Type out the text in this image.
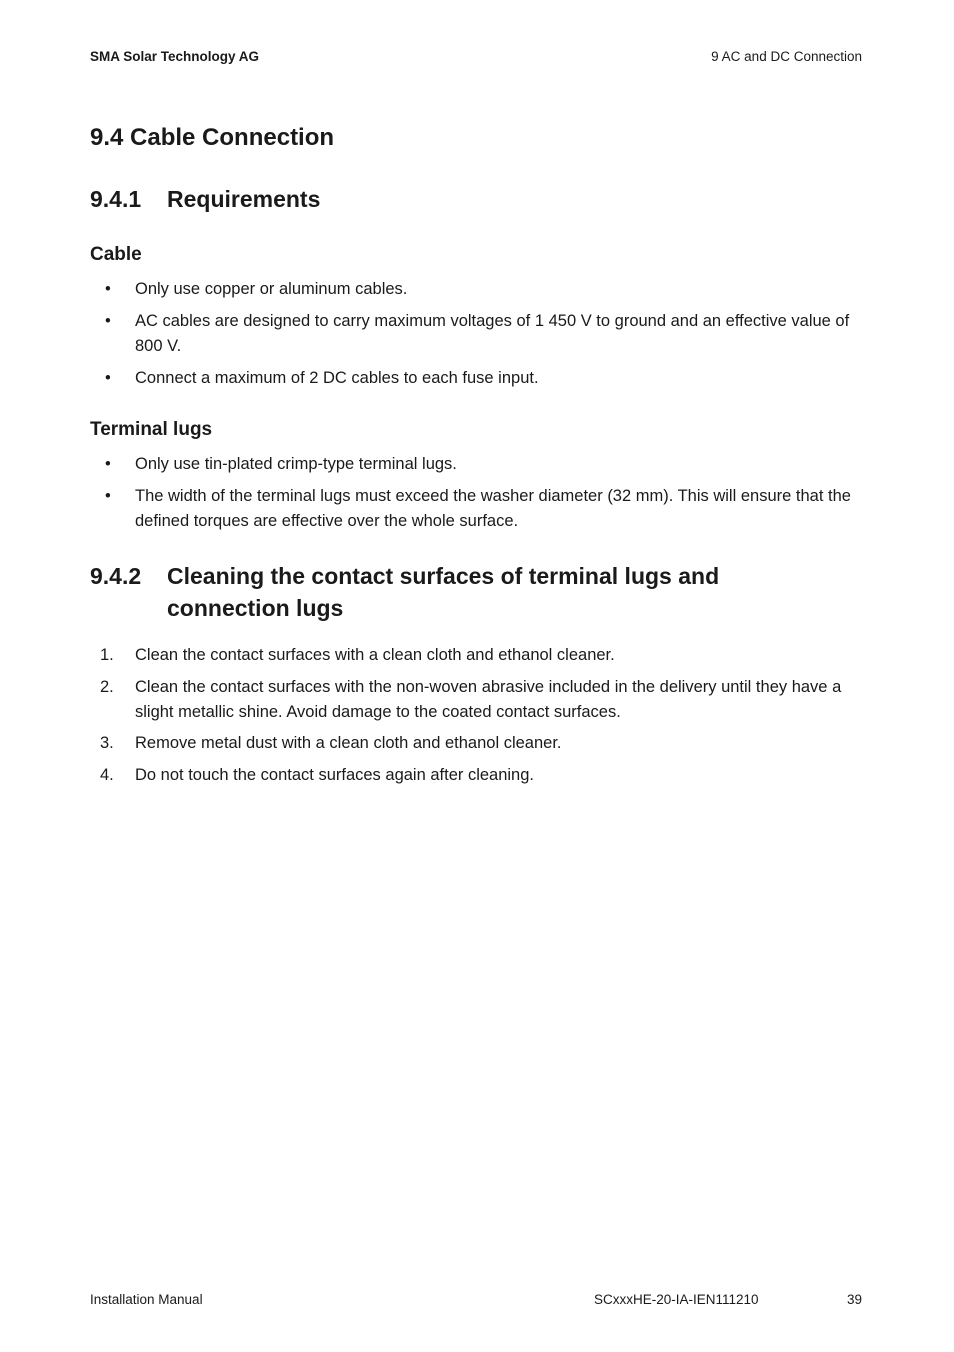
SMA Solar Technology AG	9 AC and DC Connection
9.4 Cable Connection
9.4.1 Requirements
Cable
•	Only use copper or aluminum cables.
•	AC cables are designed to carry maximum voltages of 1 450 V to ground and an effective value of 800 V.
•	Connect a maximum of 2 DC cables to each fuse input.
Terminal lugs
•	Only use tin-plated crimp-type terminal lugs.
•	The width of the terminal lugs must exceed the washer diameter (32 mm). This will ensure that the defined torques are effective over the whole surface.
9.4.2 Cleaning the contact surfaces of terminal lugs and
connection lugs
1.	Clean the contact surfaces with a clean cloth and ethanol cleaner.
2.	Clean the contact surfaces with the non-woven abrasive included in the delivery until they have a slight metallic shine. Avoid damage to the coated contact surfaces.
3.	Remove metal dust with a clean cloth and ethanol cleaner.
4.	Do not touch the contact surfaces again after cleaning.
Installation Manual	SCxxxHE-20-IA-IEN111210	39
